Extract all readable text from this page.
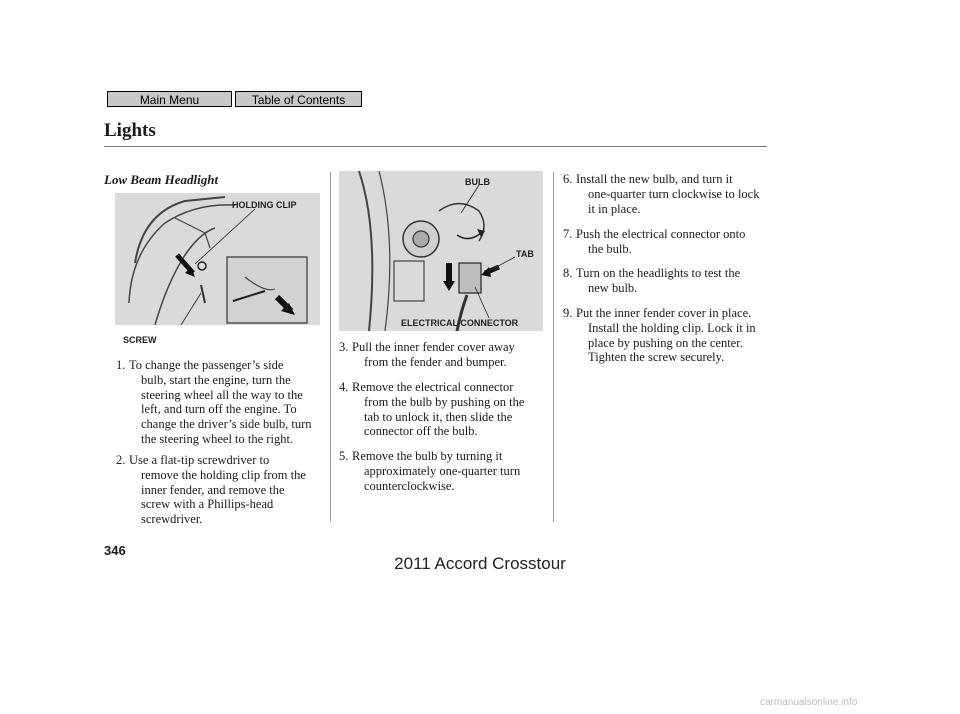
Main Menu	Table of Contents
Lights
Low Beam Headlight
HOLDING CLIP
SCREW
BULB
TAB
ELECTRICAL CONNECTOR
1. To change the passenger’s side
bulb, start the engine, turn the
steering wheel all the way to the
left, and turn off the engine. To
change the driver’s side bulb, turn
the steering wheel to the right.
2. Use a flat-tip screwdriver to
remove the holding clip from the
inner fender, and remove the
screw with a Phillips-head
screwdriver.
3. Pull the inner fender cover away
from the fender and bumper.
4. Remove the electrical connector
from the bulb by pushing on the
tab to unlock it, then slide the
connector off the bulb.
5. Remove the bulb by turning it
approximately one-quarter turn
counterclockwise.
6. Install the new bulb, and turn it
one-quarter turn clockwise to lock
it in place.
7. Push the electrical connector onto
the bulb.
8. Turn on the headlights to test the
new bulb.
9. Put the inner fender cover in place.
Install the holding clip. Lock it in
place by pushing on the center.
Tighten the screw securely.
346
2011 Accord Crosstour
carmanualsonline.info
